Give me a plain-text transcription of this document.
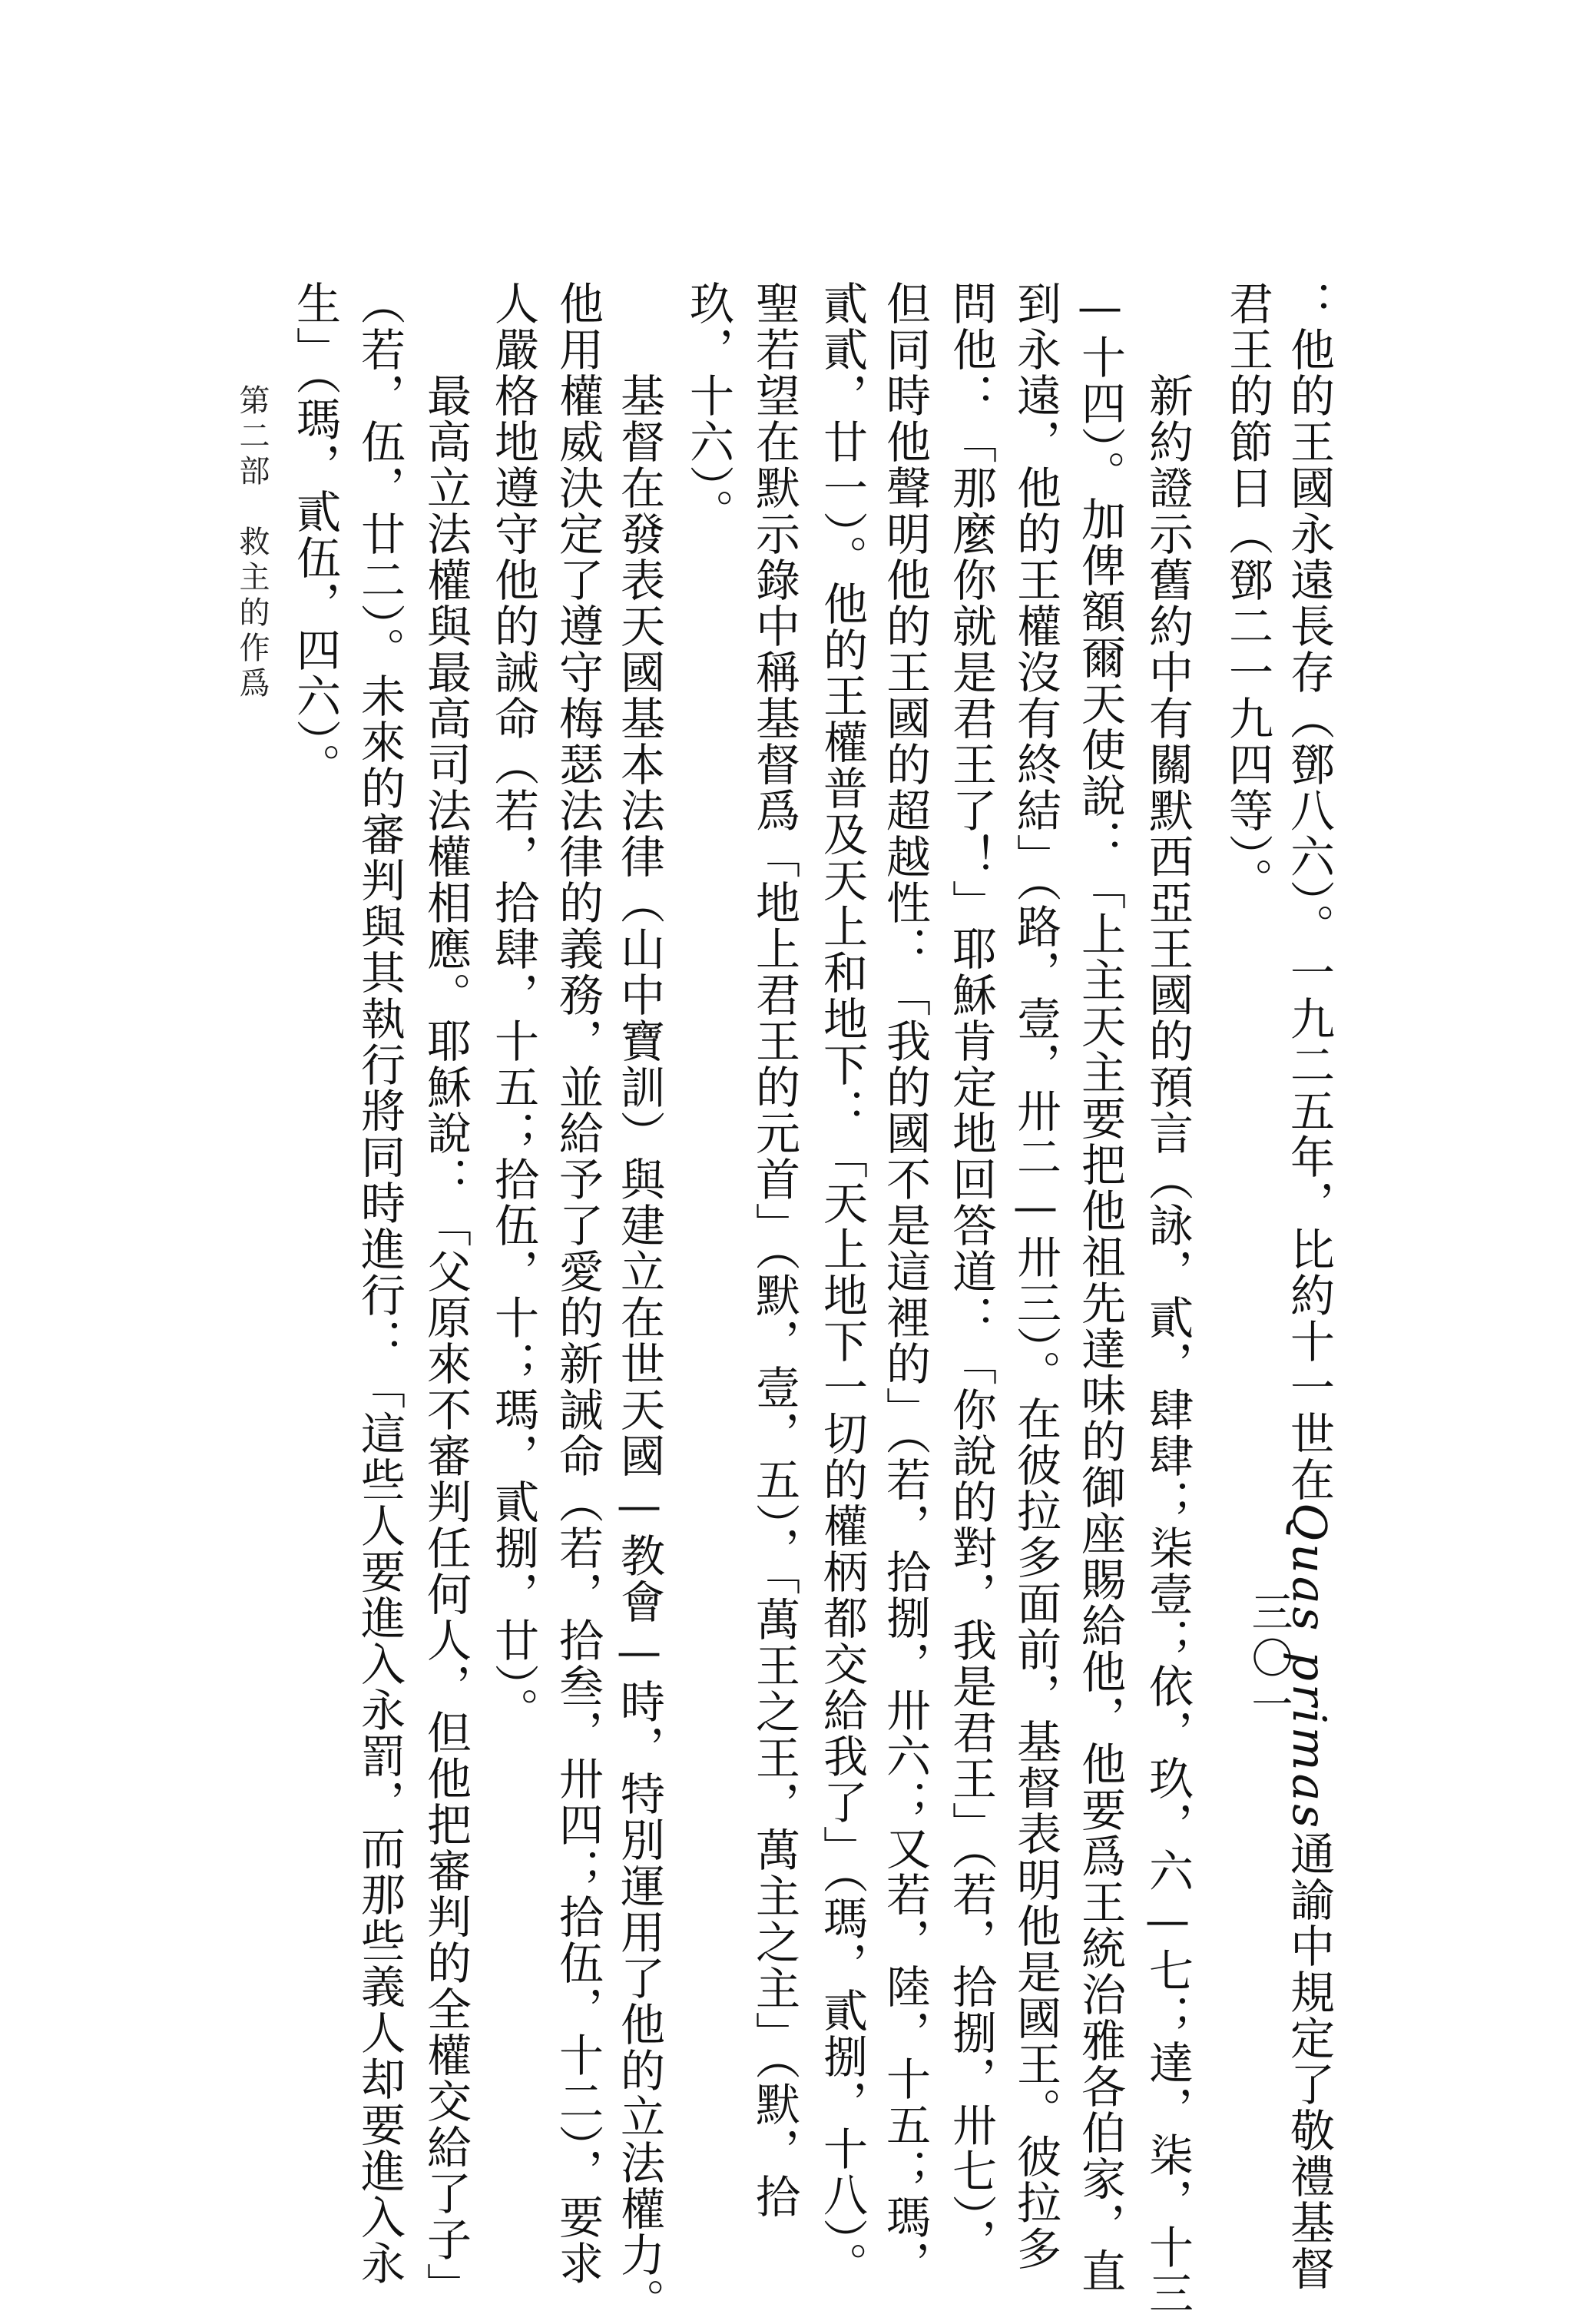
：他的王國永遠長存（鄧八六）。一九二五年，比約十一世在Quas primas通諭中規定了敬禮基督
君王的節日（鄧二一九四等）。
新約證示舊約中有關默西亞王國的預言（詠，貳，肆肆；柒壹；依，玖，六—七；達，柒，十三
—十四）。加俾額爾天使說：「上主天主要把他祖先達味的御座賜給他，他要爲王統治雅各伯家，直
到永遠，他的王權沒有終結」（路，壹，卅二—卅三）。在彼拉多面前，基督表明他是國王。彼拉多
問他：「那麼你就是君王了！」耶穌肯定地回答道：「你說的對，我是君王」（若，拾捌，卅七），
但同時他聲明他的王國的超越性：「我的國不是這裡的」（若，拾捌，卅六；又若，陸，十五；瑪，
貳貳，廿一）。他的王權普及天上和地下：「天上地下一切的權柄都交給我了」（瑪，貳捌，十八）。
聖若望在默示錄中稱基督爲「地上君王的元首」（默，壹，五），「萬王之王，萬主之主」（默，拾
玖，十六）。
基督在發表天國基本法律（山中寶訓）與建立在世天國—教會—時，特別運用了他的立法權力。
他用權威決定了遵守梅瑟法律的義務，並給予了愛的新誡命（若，拾叁，卅四；拾伍，十二），要求
人嚴格地遵守他的誡命（若，拾肆，十五；拾伍，十；瑪，貳捌，廿）。
最高立法權與最高司法權相應。耶穌說：「父原來不審判任何人，但他把審判的全權交給了子」
（若，伍，廿二）。未來的審判與其執行將同時進行：「這些人要進入永罰，而那些義人却要進入永
生」（瑪，貳伍，四六）。
三〇一
第二部　救主的作爲
